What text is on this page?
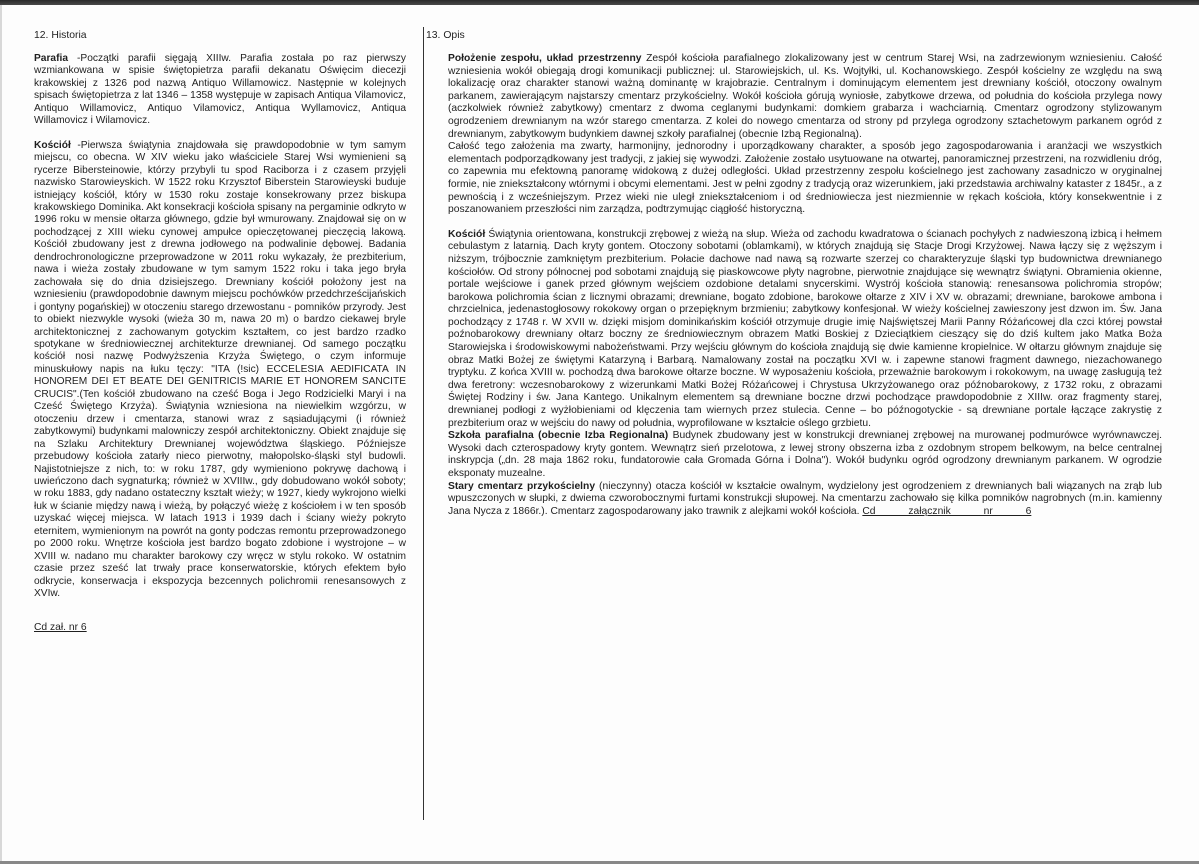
12. Historia

Parafia -Początki parafii sięgają XIIIw. Parafia została po raz pierwszy wzmiankowana w spisie świętopietrza parafii dekanatu Oświęcim diecezji krakowskiej z 1326 pod nazwą Antiquo Willamowicz. Następnie w kolejnych spisach świętopietrza z lat 1346 – 1358 występuje w zapisach Antiqua Vilamovicz, Antiquo Willamovicz, Antiquo Vilamovicz, Antiqua Wyllamovicz, Antiqua Willamovicz i Wilamovicz.

Kościół -Pierwsza świątynia znajdowała się prawdopodobnie w tym samym miejscu, co obecna. W XIV wieku jako właściciele Starej Wsi wymienieni są rycerze Bibersteinowie, którzy przybyli tu spod Raciborza i z czasem przyjęli nazwisko Starowieyskich. W 1522 roku Krzysztof Biberstein Starowieyski buduje istniejący kościół, który w 1530 roku zostaje konsekrowany przez biskupa krakowskiego Dominika. Akt konsekracji kościoła spisany na pergaminie odkryto w 1996 roku w mensie ołtarza głównego, gdzie był wmurowany. Znajdował się on w pochodzącej z XIII wieku cynowej ampułce opieczętowanej pieczęcią lakową. Kościół zbudowany jest z drewna jodłowego na podwalinie dębowej. Badania dendrochronologiczne przeprowadzone w 2011 roku wykazały, że prezbiterium, nawa i wieża zostały zbudowane w tym samym 1522 roku i taka jego bryła zachowała się do dnia dzisiejszego. Drewniany kościół położony jest na wzniesieniu (prawdopodobnie dawnym miejscu pochówków przedchrześcijańskich i gontyny pogańskiej) w otoczeniu starego drzewostanu - pomników przyrody. Jest to obiekt niezwykle wysoki (wieża 30 m, nawa 20 m) o bardzo ciekawej bryle architektonicznej z zachowanym gotyckim kształtem, co jest bardzo rzadko spotykane w średniowiecznej architekturze drewnianej. Od samego początku kościół nosi nazwę Podwyższenia Krzyża Świętego, o czym informuje minuskułowy napis na łuku tęczy: "ITA (!sic) ECCELESIA AEDIFICATA IN HONOREM DEI ET BEATE DEI GENITRICIS MARIE ET HONOREM SANCITE CRUCIS".(Ten kościół zbudowano na cześć Boga i Jego Rodzicielki Maryi i na Cześć Świętego Krzyża). Świątynia wzniesiona na niewielkim wzgórzu, w otoczeniu drzew i cmentarza, stanowi wraz z sąsiadującymi (i również zabytkowymi) budynkami malowniczy zespół architektoniczny. Obiekt znajduje się na Szlaku Architektury Drewnianej województwa śląskiego. Późniejsze przebudowy kościoła zatarły nieco pierwotny, małopolsko-śląski styl budowli. Najistotniejsze z nich, to: w roku 1787, gdy wymieniono pokrywę dachową i uwieńczono dach sygnaturką; również w XVIIIw., gdy dobudowano wokół soboty; w roku 1883, gdy nadano ostateczny kształt wieży; w 1927, kiedy wykrojono wielki łuk w ścianie między nawą i wieżą, by połączyć wieżę z kościołem i w ten sposób uzyskać więcej miejsca. W latach 1913 i 1939 dach i ściany wieży pokryto eternitem, wymienionym na powrót na gonty podczas remontu przeprowadzonego po 2000 roku. Wnętrze kościoła jest bardzo bogato zdobione i wystrojone – w XVIII w. nadano mu charakter barokowy czy wręcz w stylu rokoko. W ostatnim czasie przez sześć lat trwały prace konserwatorskie, których efektem było odkrycie, konserwacja i ekspozycja bezcennych polichromii renesansowych z XVIw.

Cd zał. nr 6
13. Opis

Położenie zespołu, układ przestrzenny Zespół kościoła parafialnego zlokalizowany jest w centrum Starej Wsi, na zadrzewionym wzniesieniu. Całość wzniesienia wokół obiegają drogi komunikacji publicznej: ul. Starowiejskich, ul. Ks. Wojtyłki, ul. Kochanowskiego. Zespół kościelny ze względu na swą lokalizację oraz charakter stanowi ważną dominantę w krajobrazie. Centralnym i dominującym elementem jest drewniany kościół, otoczony owalnym parkanem, zawierającym najstarszy cmentarz przykościelny. Wokół kościoła górują wyniosłe, zabytkowe drzewa, od południa do kościoła przylega nowy (aczkolwiek również zabytkowy) cmentarz z dwoma ceglanymi budynkami: domkiem grabarza i wachciarnią. Cmentarz ogrodzony stylizowanym ogrodzeniem drewnianym na wzór starego cmentarza. Z kolei do nowego cmentarza od strony pd przylega ogrodzony sztachetowym parkanem ogród z drewnianym, zabytkowym budynkiem dawnej szkoły parafialnej (obecnie Izbą Regionalną).

Całość tego założenia ma zwarty, harmonijny, jednorodny i uporządkowany charakter, a sposób jego zagospodarowania i aranżacji we wszystkich elementach podporządkowany jest tradycji, z jakiej się wywodzi. Założenie zostało usytuowane na otwartej, panoramicznej przestrzeni, na rozwidleniu dróg, co zapewnia mu efektowną panoramę widokową z dużej odległości. Układ przestrzenny zespołu kościelnego jest zachowany zasadniczo w oryginalnej formie, nie zniekształcony wtórnymi i obcymi elementami. Jest w pełni zgodny z tradycją oraz wizerunkiem, jaki przedstawia archiwalny kataster z 1845r., a z pewnością i z wcześniejszym. Przez wieki nie uległ zniekształceniom i od średniowiecza jest niezmiennie w rękach kościoła, który konsekwentnie i z poszanowaniem przeszłości nim zarządza, podtrzymując ciągłość historyczną.

Kościół Świątynia orientowana, konstrukcji zrębowej z wieżą na słup. Wieża od zachodu kwadratowa o ścianach pochyłych z nadwieszoną izbicą i hełmem cebulastym z latarnią. Dach kryty gontem. Otoczony sobotami (oblamkami), w których znajdują się Stacje Drogi Krzyżowej. Nawa łączy się z węższym i niższym, trójbocznie zamkniętym prezbiterium. Połacie dachowe nad nawą są rozwarte szerzej co charakteryzuje śląski typ budownictwa drewnianego kościołów. Od strony północnej pod sobotami znajdują się piaskowcowe płyty nagrobne, pierwotnie znajdujące się wewnątrz świątyni. Obramienia okienne, portale wejściowe i ganek przed głównym wejściem ozdobione detalami snycerskimi. Wystrój kościoła stanowią: renesansowa polichromia stropów; barokowa polichromia ścian z licznymi obrazami; drewniane, bogato zdobione, barokowe ołtarze z XIV i XV w. obrazami; drewniane, barokowe ambona i chrzcielnica, jedenastogłosowy rokokowy organ o przepięknym brzmieniu; zabytkowy konfesjonał. W wieży kościelnej zawieszony jest dzwon im. Św. Jana pochodzący z 1748 r. W XVII w. dzięki misjom dominikańskim kościół otrzymuje drugie imię Najświętszej Marii Panny Różańcowej dla czci której powstał poźnobarokowy drewniany ołtarz boczny ze średniowiecznym obrazem Matki Boskiej z Dzieciątkiem cieszący się do dziś kultem jako Matka Boża Starowiejska i środowiskowymi nabożeństwami. Przy wejściu głównym do kościoła znajdują się dwie kamienne kropielnice. W ołtarzu głównym znajduje się obraz Matki Bożej ze świętymi Katarzyną i Barbarą. Namalowany został na początku XVI w. i zapewne stanowi fragment dawnego, niezachowanego tryptyku. Z końca XVIII w. pochodzą dwa barokowe ołtarze boczne. W wyposażeniu kościoła, przeważnie barokowym i rokokowym, na uwagę zasługują też dwa feretrony: wczesnobarokowy z wizerunkami Matki Bożej Różańcowej i Chrystusa Ukrzyżowanego oraz późnobarokowy, z 1732 roku, z obrazami Świętej Rodziny i św. Jana Kantego. Unikalnym elementem są drewniane boczne drzwi pochodzące prawdopodobnie z XIIIw. oraz fragmenty starej, drewnianej podłogi z wyżłobieniami od klęczenia tam wiernych przez stulecia. Cenne – bo późnogotyckie - są drewniane portale łączące zakrystię z prezbiterium oraz w wejściu do nawy od południa, wyprofilowane w kształcie oślego grzbietu.

Szkoła parafialna (obecnie Izba Regionalna) Budynek zbudowany jest w konstrukcji drewnianej zrębowej na murowanej podmurówce wyrównawczej. Wysoki dach czterospadowy kryty gontem. Wewnątrz sień przelotowa, z lewej strony obszerna izba z ozdobnym stropem belkowym, na belce centralnej inskrypcja („dn. 28 maja 1862 roku, fundatorowie cała Gromada Górna i Dolna"). Wokół budynku ogród ogrodzony drewnianym parkanem. W ogrodzie eksponaty muzealne.

Stary cmentarz przykościelny (nieczynny) otacza kościół w kształcie owalnym, wydzielony jest ogrodzeniem z drewnianych bali wiązanych na zrąb lub wpuszczonych w słupki, z dwiema czworobocznymi furtami konstrukcji słupowej. Na cmentarzu zachowało się kilka pomników nagrobnych (m.in. kamienny Jana Nycza z 1866r.). Cmentarz zagospodarowany jako trawnik z alejkami wokół kościoła. Cd załącznik nr 6
